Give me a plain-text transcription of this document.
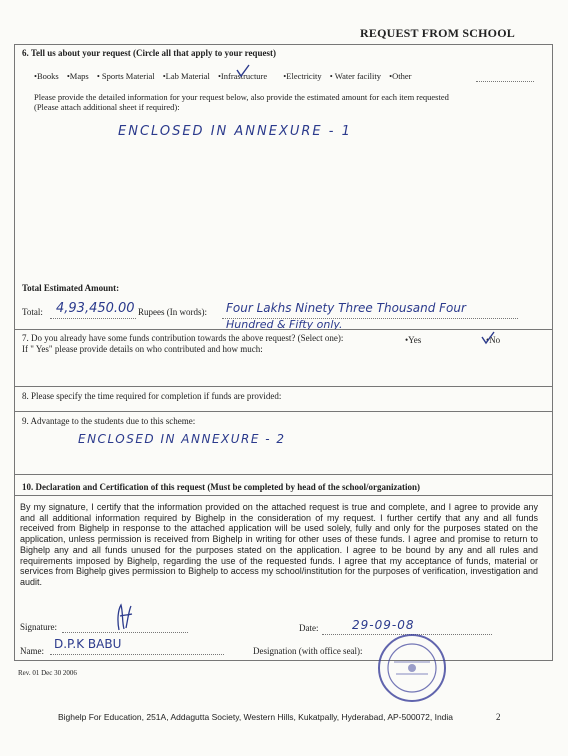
REQUEST FROM SCHOOL
6. Tell us about your request (Circle all that apply to your request)
•Books •Maps • Sports Material •Lab Material •Infrastructure •Electricity • Water facility •Other
Please provide the detailed information for your request below, also provide the estimated amount for each item requested
(Please attach additional sheet if required):
ENCLOSED IN ANNEXURE - 1
Total Estimated Amount:
Total: 4,93,450.00 Rupees (In words): Four Lakhs Ninety Three Thousand Four
Hundred & Fifty only.
7. Do you already have some funds contribution towards the above request? (Select one):	•Yes	•No
If " Yes" please provide details on who contributed and how much:
8. Please specify the time required for completion if funds are provided:
9. Advantage to the students due to this scheme:
ENCLOSED IN ANNEXURE - 2
10. Declaration and Certification of this request (Must be completed by head of the school/organization)
By my signature, I certify that the information provided on the attached request is true and complete, and I agree to provide any and all additional information required by Bighelp in the consideration of my request. I further certify that any and all funds received from Bighelp in response to the attached application will be used solely, fully and only for the purposes stated on the application, unless permission is received from Bighelp in writing for other uses of these funds. I agree and promise to return to Bighelp any and all funds unused for the purposes stated on the application. I agree to be bound by any and all rules and requirements imposed by Bighelp, regarding the use of the requested funds. I agree that my acceptance of funds, material or services from Bighelp gives permission to Bighelp to access my school/institution for the purposes of verification, investigation and audit.
Signature:	Date:	29-09-08
Name: D.P.K BABU	Designation (with office seal):
Rev. 01 Dec 30 2006
Bighelp For Education, 251A, Addagutta Society, Western Hills, Kukatpally, Hyderabad, AP-500072, India	2
